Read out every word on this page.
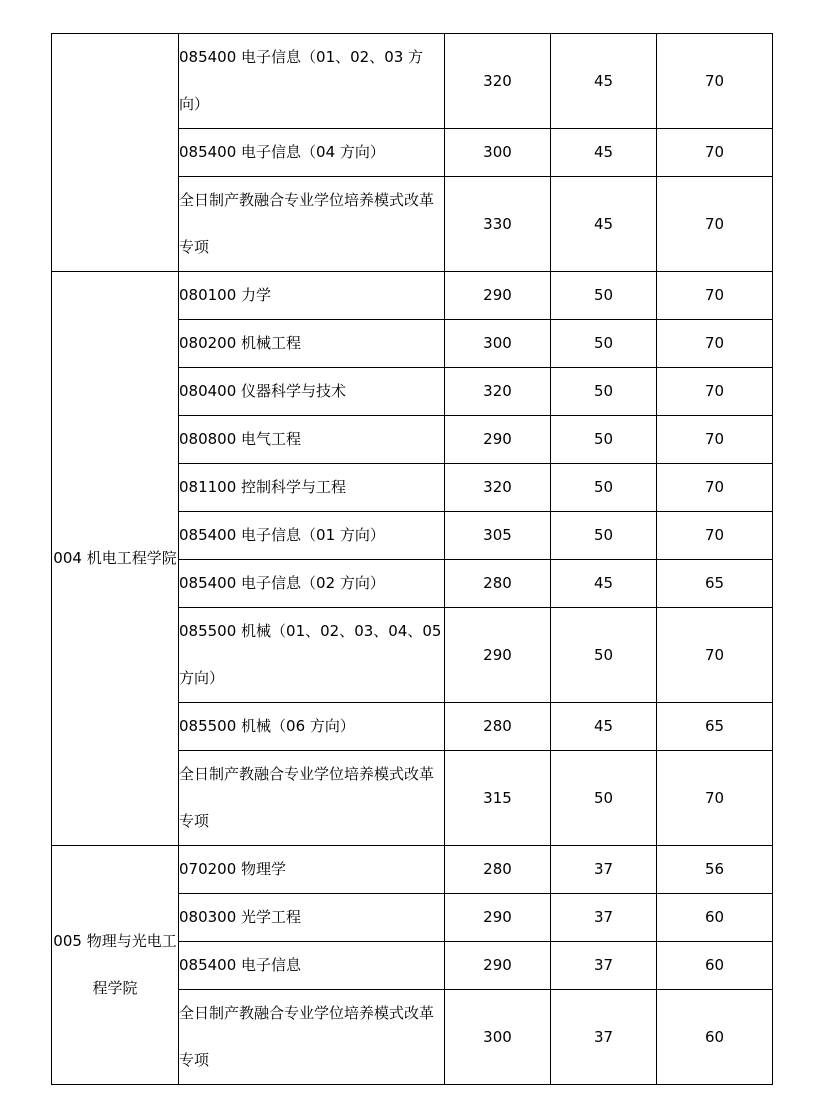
	085400 电子信息（01、02、03 方向）	320	45	70

	085400 电子信息（04 方向）	300	45	70

	全日制产教融合专业学位培养模式改革专项	330	45	70

004 机电工程学院	080100 力学	290	50	70

	080200 机械工程	300	50	70

	080400 仪器科学与技术	320	50	70

	080800 电气工程	290	50	70

	081100 控制科学与工程	320	50	70

	085400 电子信息（01 方向）	305	50	70

	085400 电子信息（02 方向）	280	45	65

	085500 机械（01、02、03、04、05 方向）	290	50	70

	085500 机械（06 方向）	280	45	65

	全日制产教融合专业学位培养模式改革专项	315	50	70

005 物理与光电工程学院	070200 物理学	280	37	56

	080300 光学工程	290	37	60

	085400 电子信息	290	37	60

	全日制产教融合专业学位培养模式改革专项	300	37	60
